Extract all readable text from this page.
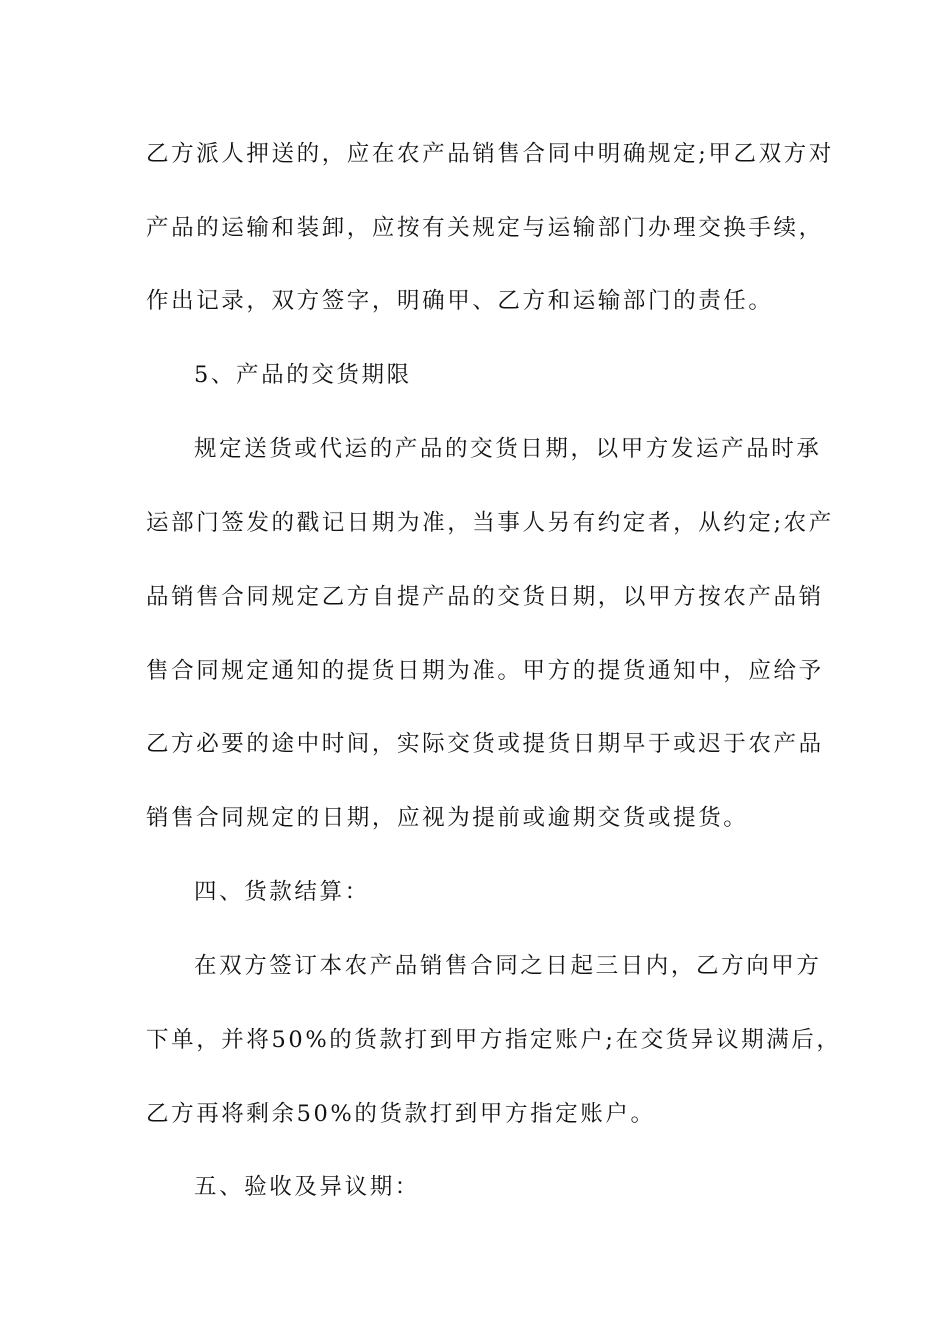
乙方派人押送的，应在农产品销售合同中明确规定;甲乙双方对
产品的运输和装卸，应按有关规定与运输部门办理交换手续，
作出记录，双方签字，明确甲、乙方和运输部门的责任。
5、产品的交货期限
规定送货或代运的产品的交货日期，以甲方发运产品时承
运部门签发的戳记日期为准，当事人另有约定者，从约定;农产
品销售合同规定乙方自提产品的交货日期，以甲方按农产品销
售合同规定通知的提货日期为准。甲方的提货通知中，应给予
乙方必要的途中时间，实际交货或提货日期早于或迟于农产品
销售合同规定的日期，应视为提前或逾期交货或提货。
四、货款结算：
在双方签订本农产品销售合同之日起三日内，乙方向甲方
下单，并将50%的货款打到甲方指定账户;在交货异议期满后，
乙方再将剩余50%的货款打到甲方指定账户。
五、验收及异议期：
